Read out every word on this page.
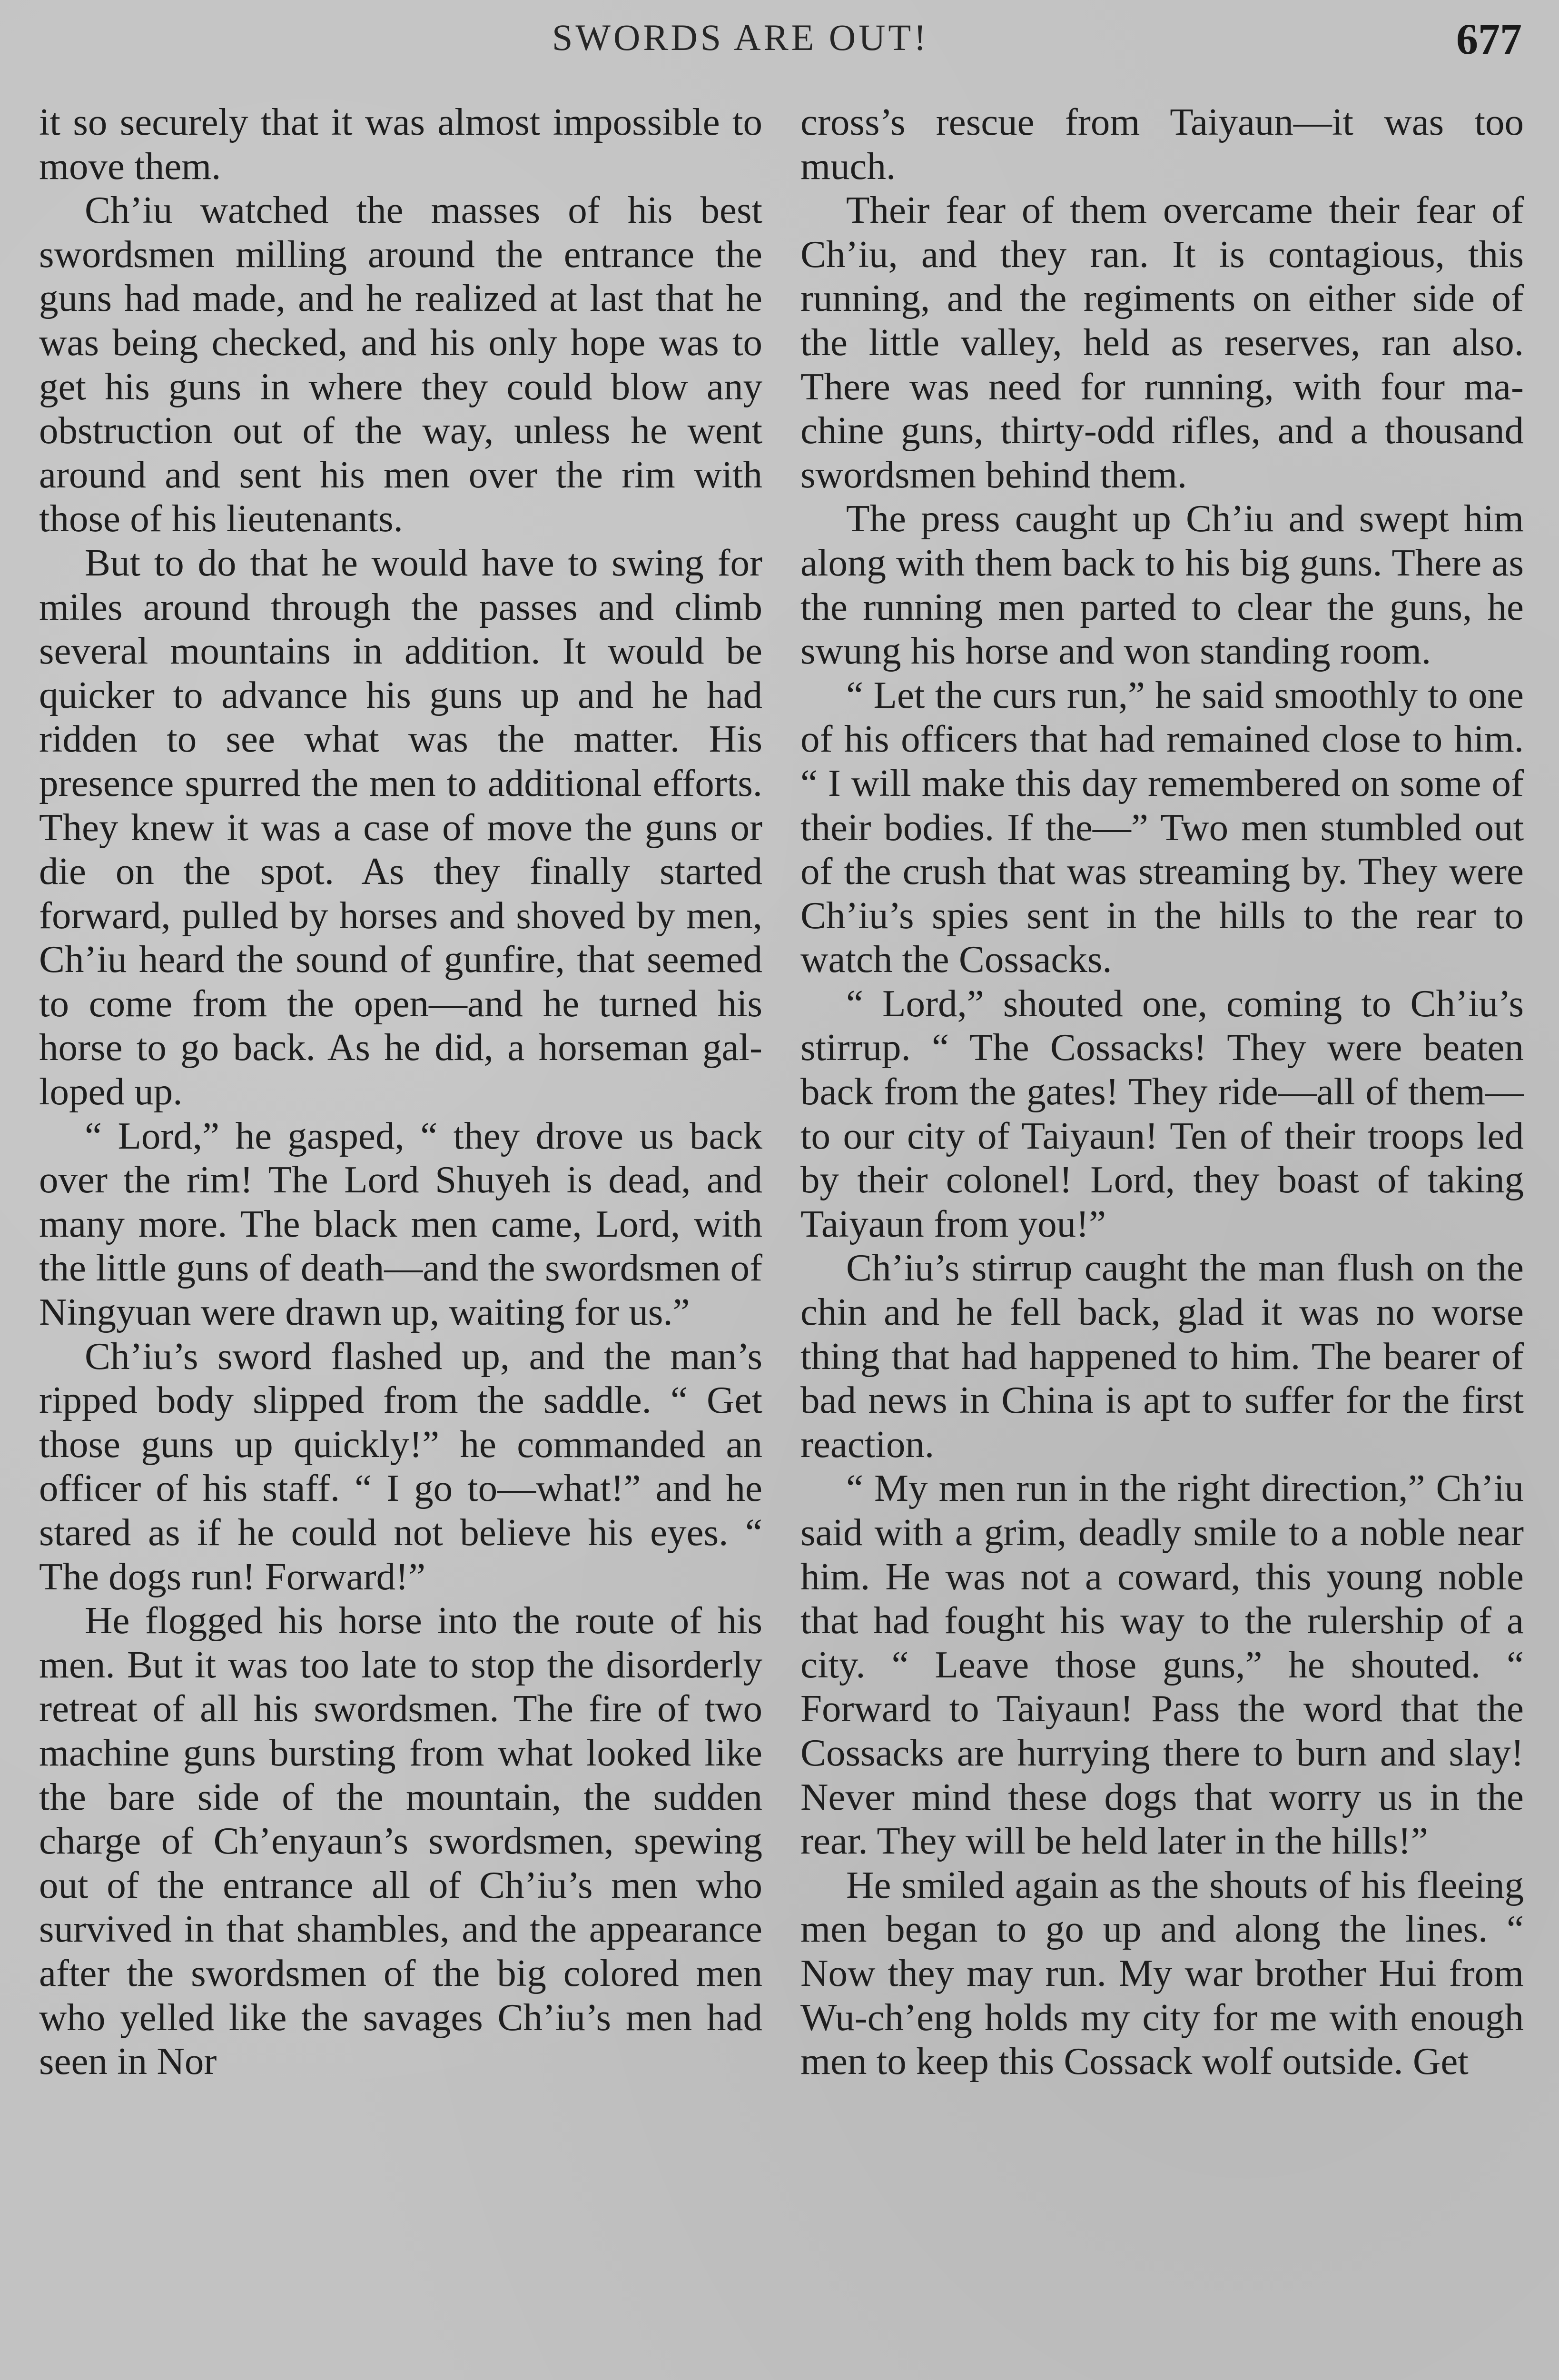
SWORDS ARE OUT!	677

it so securely that it was almost impossible to move them.

Ch’iu watched the masses of his best swordsmen milling around the entrance the guns had made, and he realized at last that he was being checked, and his only hope was to get his guns in where they could blow any obstruction out of the way, unless he went around and sent his men over the rim with those of his lieutenants.

But to do that he would have to swing for miles around through the passes and climb several mountains in addition. It would be quicker to advance his guns up and he had ridden to see what was the matter. His presence spurred the men to additional efforts. They knew it was a case of move the guns or die on the spot. As they finally started forward, pulled by horses and shoved by men, Ch’iu heard the sound of gunfire, that seemed to come from the open—and he turned his horse to go back. As he did, a horseman galloped up.

“ Lord,” he gasped, “ they drove us back over the rim! The Lord Shuyeh is dead, and many more. The black men came, Lord, with the little guns of death—and the swordsmen of Ningyuan were drawn up, waiting for us.”

Ch’iu’s sword flashed up, and the man’s ripped body slipped from the saddle. “ Get those guns up quickly!” he commanded an officer of his staff. “ I go to—what!” and he stared as if he could not believe his eyes. “ The dogs run! Forward!”

He flogged his horse into the route of his men. But it was too late to stop the disorderly retreat of all his swordsmen. The fire of two machine guns bursting from what looked like the bare side of the mountain, the sudden charge of Ch’enyaun’s swordsmen, spewing out of the entrance all of Ch’iu’s men who survived in that shambles, and the appearance after the swordsmen of the big colored men who yelled like the savages Ch’iu’s men had seen in Nor

cross’s rescue from Taiyaun—it was too much.

Their fear of them overcame their fear of Ch’iu, and they ran. It is contagious, this running, and the regiments on either side of the little valley, held as reserves, ran also. There was need for running, with four machine guns, thirty-odd rifles, and a thousand swordsmen behind them.

The press caught up Ch’iu and swept him along with them back to his big guns. There as the running men parted to clear the guns, he swung his horse and won standing room.

“ Let the curs run,” he said smoothly to one of his officers that had remained close to him. “ I will make this day remembered on some of their bodies. If the—” Two men stumbled out of the crush that was streaming by. They were Ch’iu’s spies sent in the hills to the rear to watch the Cossacks.

“ Lord,” shouted one, coming to Ch’iu’s stirrup. “ The Cossacks! They were beaten back from the gates! They ride—all of them—to our city of Taiyaun! Ten of their troops led by their colonel! Lord, they boast of taking Taiyaun from you!”

Ch’iu’s stirrup caught the man flush on the chin and he fell back, glad it was no worse thing that had happened to him. The bearer of bad news in China is apt to suffer for the first reaction.

“ My men run in the right direction,” Ch’iu said with a grim, deadly smile to a noble near him. He was not a coward, this young noble that had fought his way to the rulership of a city. “ Leave those guns,” he shouted. “ Forward to Taiyaun! Pass the word that the Cossacks are hurrying there to burn and slay! Never mind these dogs that worry us in the rear. They will be held later in the hills!”

He smiled again as the shouts of his fleeing men began to go up and along the lines. “ Now they may run. My war brother Hui from Wu-ch’eng holds my city for me with enough men to keep this Cossack wolf outside. Get
